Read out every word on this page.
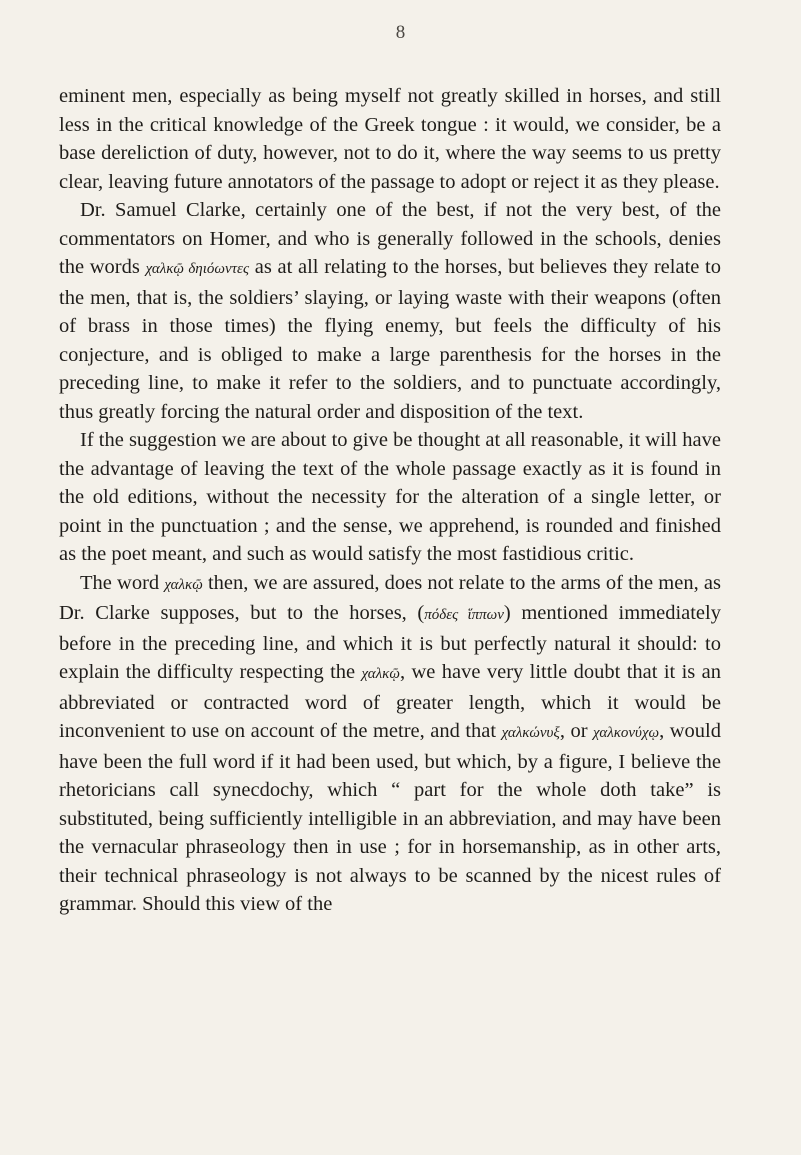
8

eminent men, especially as being myself not greatly skilled in horses, and still less in the critical knowledge of the Greek tongue : it would, we consider, be a base dereliction of duty, however, not to do it, where the way seems to us pretty clear, leaving future annotators of the passage to adopt or reject it as they please.

Dr. Samuel Clarke, certainly one of the best, if not the very best, of the commentators on Homer, and who is generally followed in the schools, denies the words χαλκῷ δηιόωντες as at all relating to the horses, but believes they relate to the men, that is, the soldiers’ slaying, or laying waste with their weapons (often of brass in those times) the flying enemy, but feels the difficulty of his conjecture, and is obliged to make a large parenthesis for the horses in the preceding line, to make it refer to the soldiers, and to punctuate accordingly, thus greatly forcing the natural order and disposition of the text.

If the suggestion we are about to give be thought at all reasonable, it will have the advantage of leaving the text of the whole passage exactly as it is found in the old editions, without the necessity for the alteration of a single letter, or point in the punctuation ; and the sense, we apprehend, is rounded and finished as the poet meant, and such as would satisfy the most fastidious critic.

The word χαλκῷ then, we are assured, does not relate to the arms of the men, as Dr. Clarke supposes, but to the horses, (πόδες ἵππων) mentioned immediately before in the preceding line, and which it is but perfectly natural it should: to explain the difficulty respecting the χαλκῷ, we have very little doubt that it is an abbreviated or contracted word of greater length, which it would be inconvenient to use on account of the metre, and that χαλκώνυξ, or χαλκονύχῳ, would have been the full word if it had been used, but which, by a figure, I believe the rhetoricians call synecdochy, which “ part for the whole doth take” is substituted, being sufficiently intelligible in an abbreviation, and may have been the vernacular phraseology then in use ; for in horsemanship, as in other arts, their technical phraseology is not always to be scanned by the nicest rules of grammar. Should this view of the
